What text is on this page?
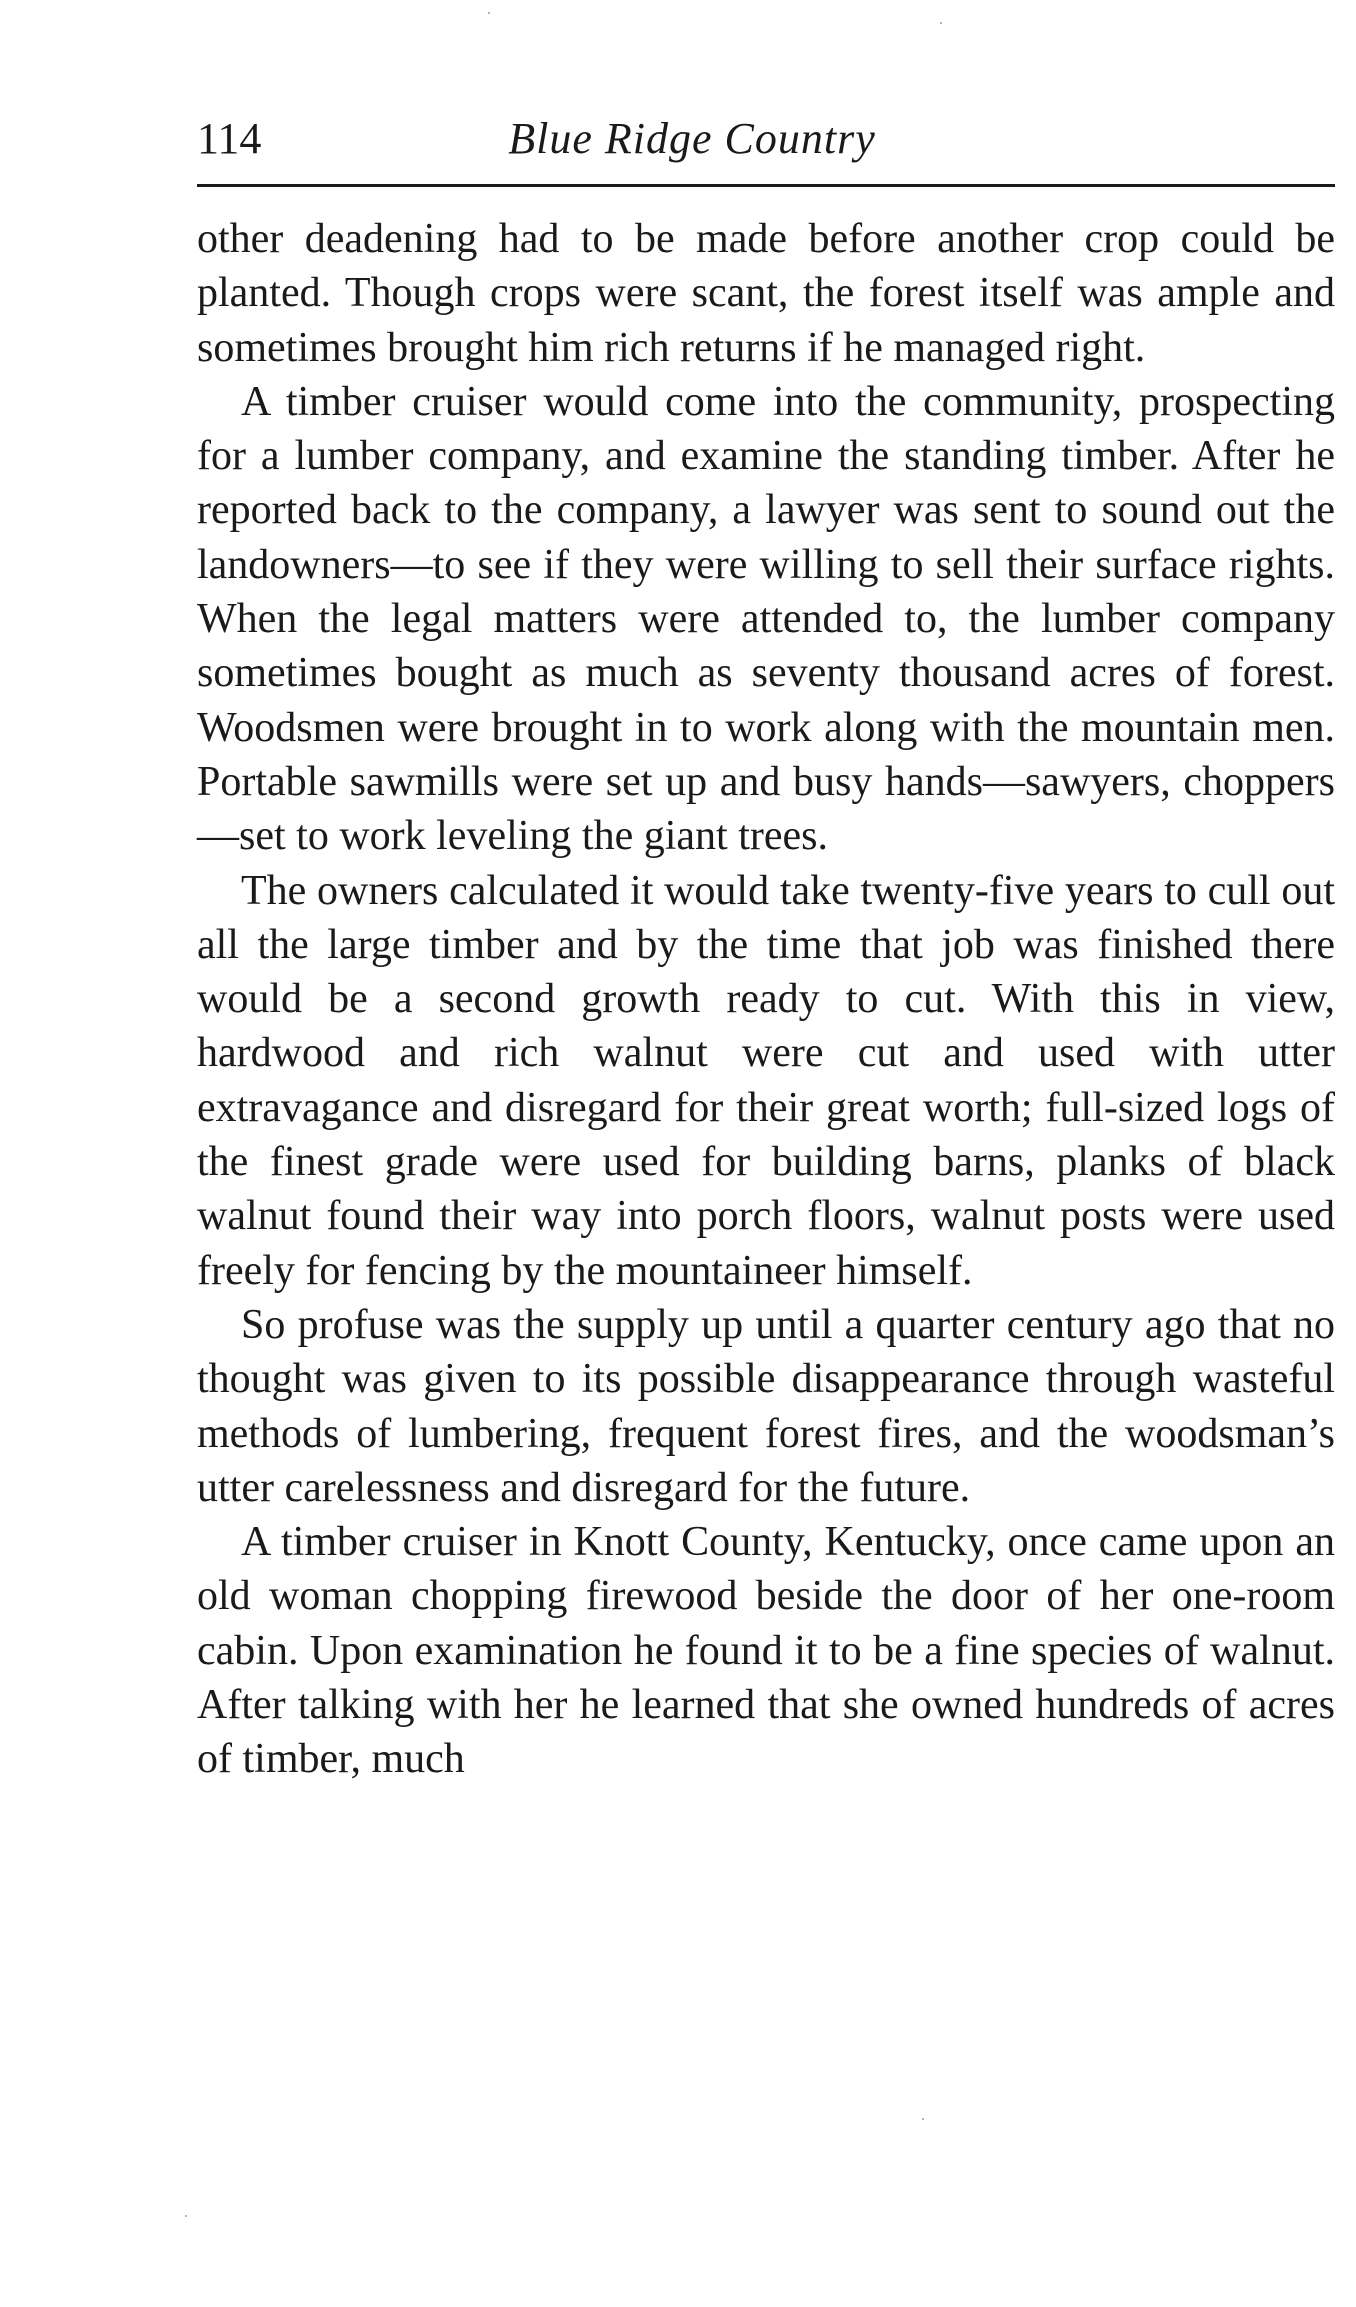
114	Blue Ridge Country

other deadening had to be made before another crop could be planted. Though crops were scant, the forest itself was ample and sometimes brought him rich returns if he managed right.

A timber cruiser would come into the community, prospecting for a lumber company, and examine the standing timber. After he reported back to the company, a lawyer was sent to sound out the landowners—to see if they were willing to sell their surface rights. When the legal matters were attended to, the lumber company sometimes bought as much as seventy thousand acres of forest. Woodsmen were brought in to work along with the mountain men. Portable sawmills were set up and busy hands—sawyers, choppers—set to work leveling the giant trees.

The owners calculated it would take twenty-five years to cull out all the large timber and by the time that job was finished there would be a second growth ready to cut. With this in view, hardwood and rich walnut were cut and used with utter extravagance and disregard for their great worth; full-sized logs of the finest grade were used for building barns, planks of black walnut found their way into porch floors, walnut posts were used freely for fencing by the mountaineer himself.

So profuse was the supply up until a quarter century ago that no thought was given to its possible disappearance through wasteful methods of lumbering, frequent forest fires, and the woodsman’s utter carelessness and disregard for the future.

A timber cruiser in Knott County, Kentucky, once came upon an old woman chopping firewood beside the door of her one-room cabin. Upon examination he found it to be a fine species of walnut. After talking with her he learned that she owned hundreds of acres of timber, much
